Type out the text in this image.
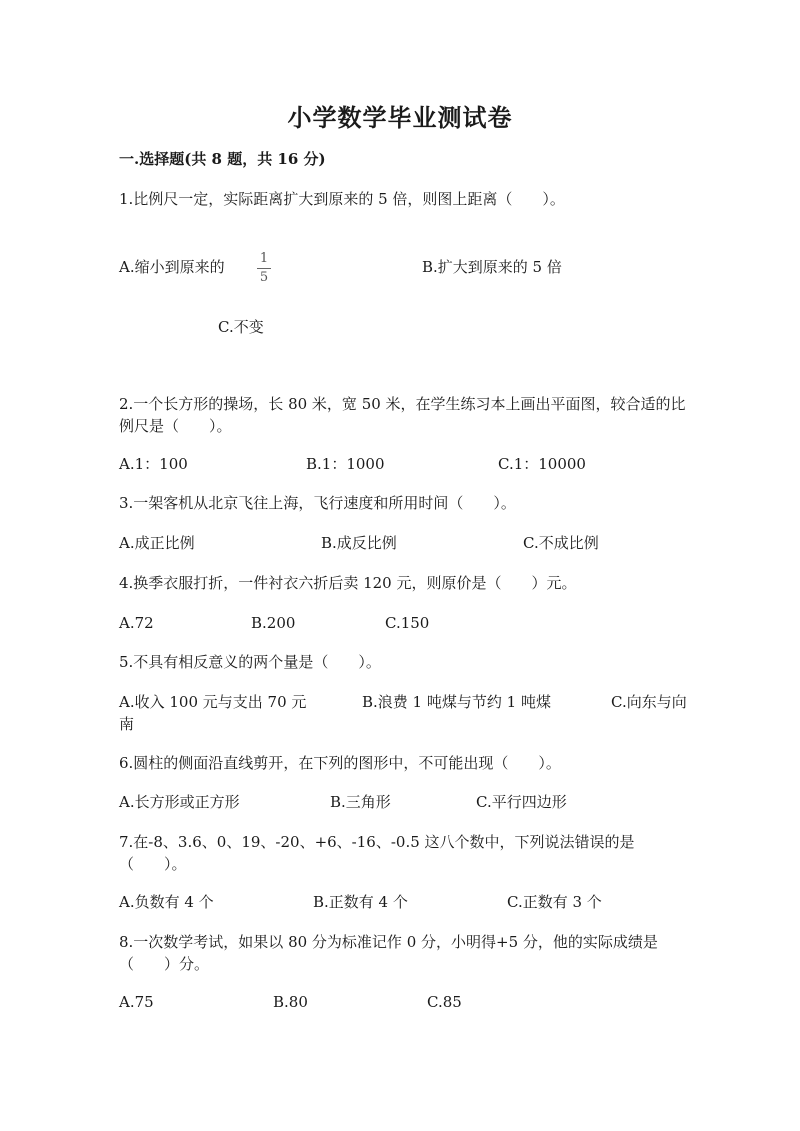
小学数学毕业测试卷
一.选择题(共 8 题，共 16 分)
1.比例尺一定，实际距离扩大到原来的 5 倍，则图上距离（　　）。
A.缩小到原来的	1
5
B.扩大到原来的 5 倍
C.不变
2.一个长方形的操场，长 80 米，宽 50 米，在学生练习本上画出平面图，较合适的比例尺是（　　）。
A.1：100	B.1：1000	C.1：10000
3.一架客机从北京飞往上海，飞行速度和所用时间（　　）。
A.成正比例	B.成反比例	C.不成比例
4.换季衣服打折，一件衬衣六折后卖 120 元，则原价是（　　）元。
A.72	B.200	C.150
5.不具有相反意义的两个量是（　　）。
A.收入 100 元与支出 70 元	B.浪费 1 吨煤与节约 1 吨煤	C.向东与向南
6.圆柱的侧面沿直线剪开，在下列的图形中，不可能出现（　　）。
A.长方形或正方形	B.三角形	C.平行四边形
7.在-8、3.6、0、19、-20、+6、-16、-0.5 这八个数中，下列说法错误的是（　　）。
A.负数有 4 个	B.正数有 4 个	C.正数有 3 个
8.一次数学考试，如果以 80 分为标准记作 0 分，小明得+5 分，他的实际成绩是（　　）分。
A.75	B.80	C.85
